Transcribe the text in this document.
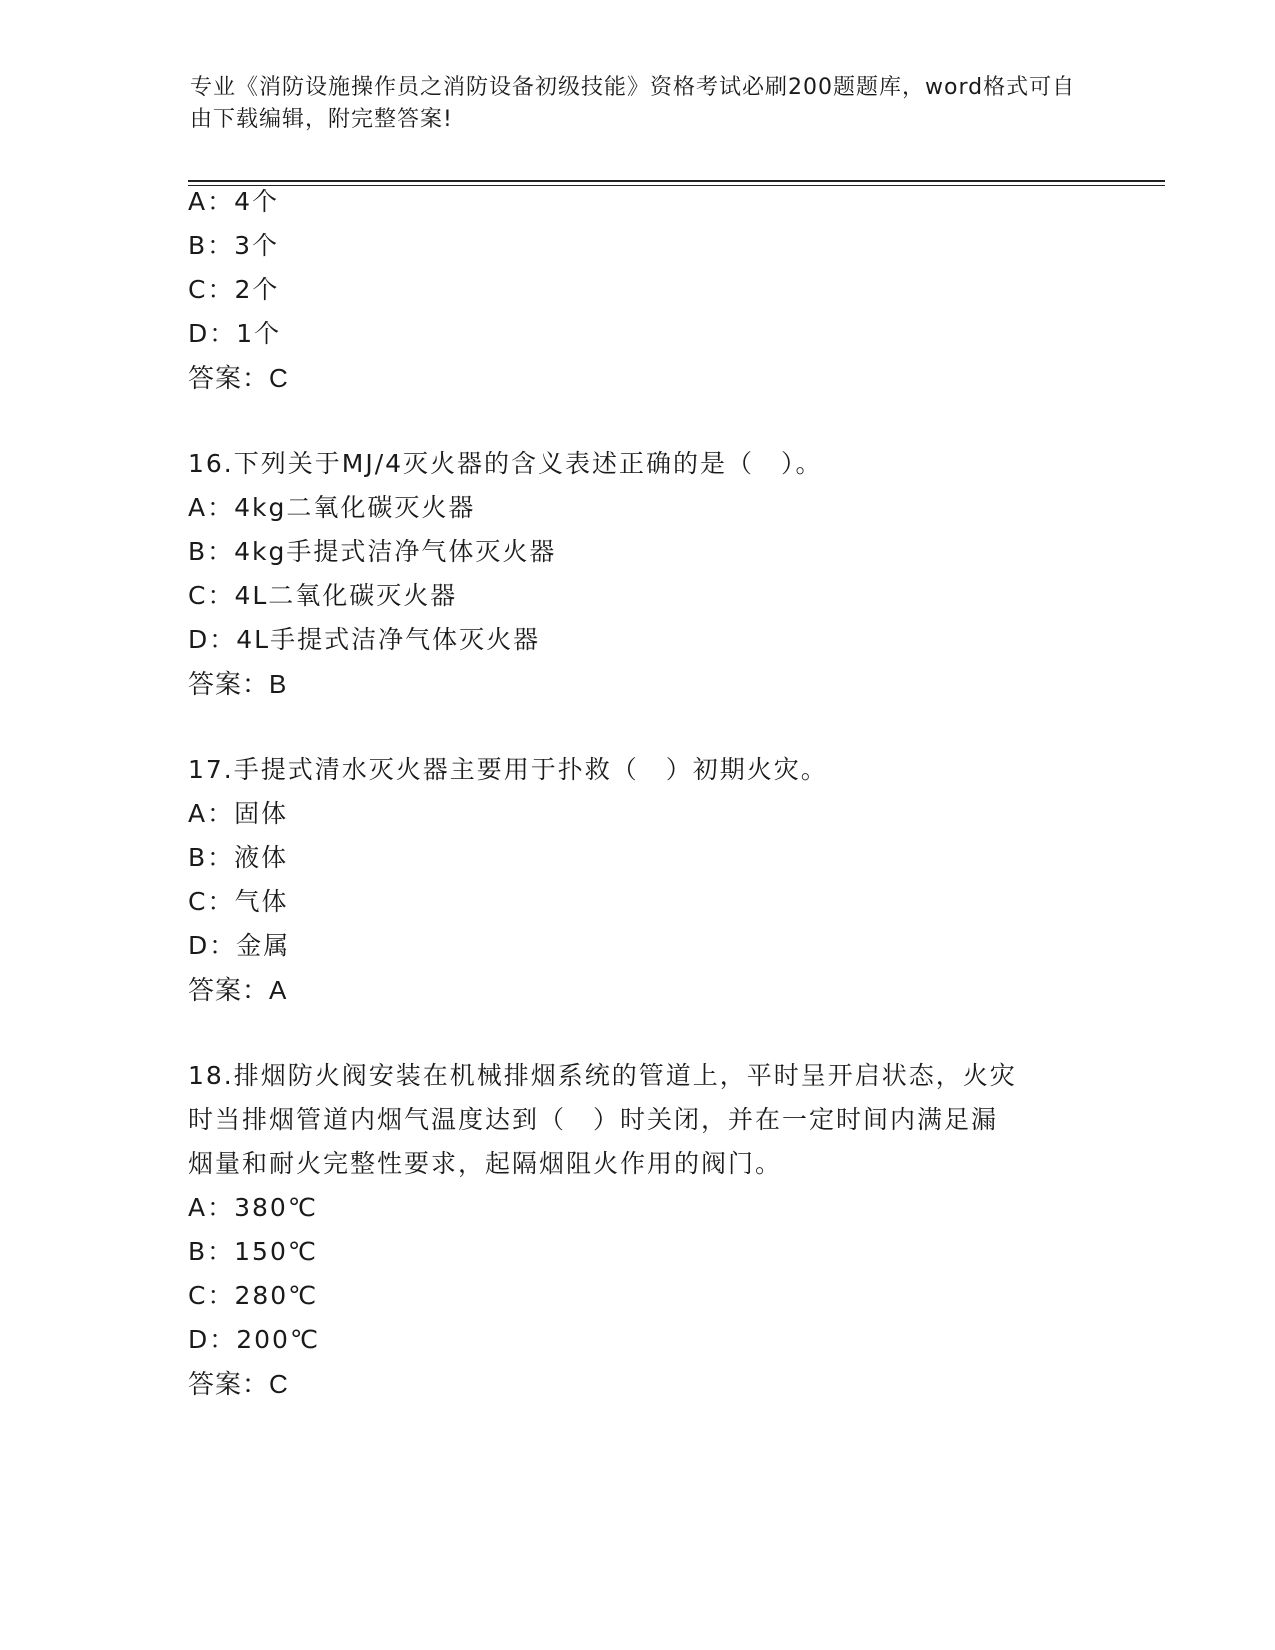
专业《消防设施操作员之消防设备初级技能》资格考试必刷200题题库，word格式可自由下载编辑，附完整答案!
A：4个
B：3个
C：2个
D：1个
答案：C
16.下列关于MJ/4灭火器的含义表述正确的是（　）。
A：4kg二氧化碳灭火器
B：4kg手提式洁净气体灭火器
C：4L二氧化碳灭火器
D：4L手提式洁净气体灭火器
答案：B
17.手提式清水灭火器主要用于扑救（　）初期火灾。
A：固体
B：液体
C：气体
D：金属
答案：A
18.排烟防火阀安装在机械排烟系统的管道上，平时呈开启状态，火灾
时当排烟管道内烟气温度达到（　）时关闭，并在一定时间内满足漏
烟量和耐火完整性要求，起隔烟阻火作用的阀门。
A：380℃
B：150℃
C：280℃
D：200℃
答案：C
